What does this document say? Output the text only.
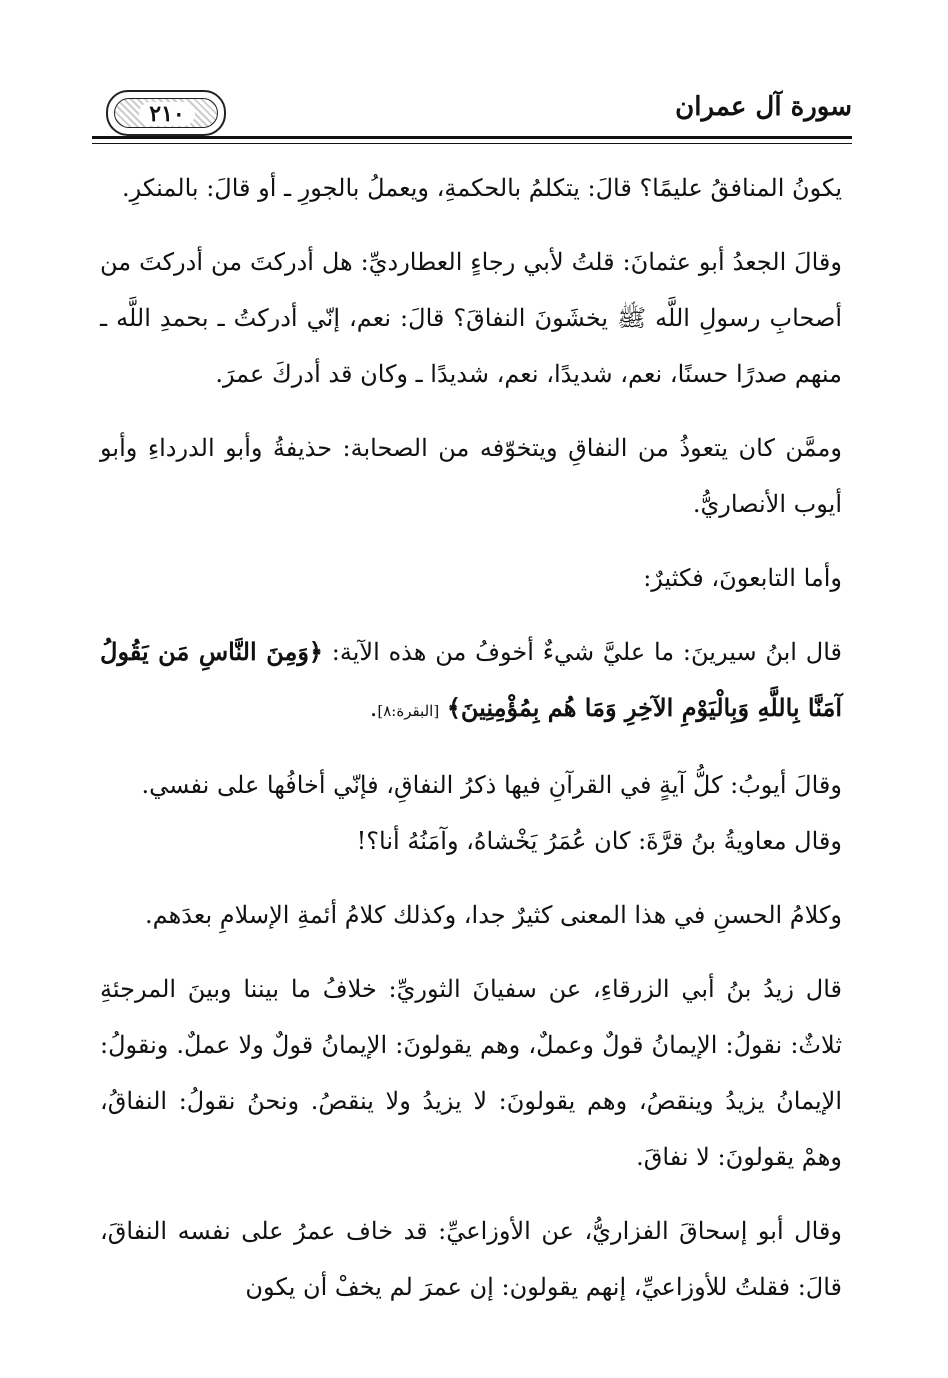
٢١٠	سورة آل عمران

يكونُ المنافقُ عليمًا؟ قالَ: يتكلمُ بالحكمةِ، ويعملُ بالجورِ ـ أو قالَ: بالمنكرِ.

وقالَ الجعدُ أبو عثمانَ: قلتُ لأبي رجاءٍ العطارديِّ: هل أدركتَ من أدركتَ من أصحابِ رسولِ اللَّه ﷺ يخشَونَ النفاقَ؟ قالَ: نعم، إنّي أدركتُ ـ بحمدِ اللَّه ـ منهم صدرًا حسنًا، نعم، شديدًا، نعم، شديدًا ـ وكان قد أدركَ عمرَ.

وممَّن كان يتعوذُ من النفاقِ ويتخوّفه من الصحابة: حذيفةُ وأبو الدرداءِ وأبو أيوب الأنصاريُّ.

وأما التابعونَ، فكثيرٌ:

قال ابنُ سيرينَ: ما عليَّ شيءٌ أخوفُ من هذه الآية: ﴿وَمِنَ النَّاسِ مَن يَقُولُ آمَنَّا بِاللَّهِ وَبِالْيَوْمِ الآخِرِ وَمَا هُم بِمُؤْمِنِينَ﴾ [البقرة:٨].

وقالَ أيوبُ: كلُّ آيةٍ في القرآنِ فيها ذكرُ النفاقِ، فإنّي أخافُها على نفسي.

وقال معاويةُ بنُ قرَّةَ: كان عُمَرُ يَخْشاهُ، وآمَنُهُ أنا؟!

وكلامُ الحسنِ في هذا المعنى كثيرٌ جدا، وكذلك كلامُ أئمةِ الإسلامِ بعدَهم.

قال زيدُ بنُ أبي الزرقاءِ، عن سفيانَ الثوريِّ: خلافُ ما بيننا وبينَ المرجئةِ ثلاثٌ: نقولُ: الإيمانُ قولٌ وعملٌ، وهم يقولونَ: الإيمانُ قولٌ ولا عملٌ. ونقولُ: الإيمانُ يزيدُ وينقصُ، وهم يقولونَ: لا يزيدُ ولا ينقصُ. ونحنُ نقولُ: النفاقُ، وهمْ يقولونَ: لا نفاقَ.

وقال أبو إسحاقَ الفزاريُّ، عن الأوزاعيِّ: قد خاف عمرُ على نفسه النفاقَ، قالَ: فقلتُ للأوزاعيِّ، إنهم يقولون: إن عمرَ لم يخفْ أن يكون
